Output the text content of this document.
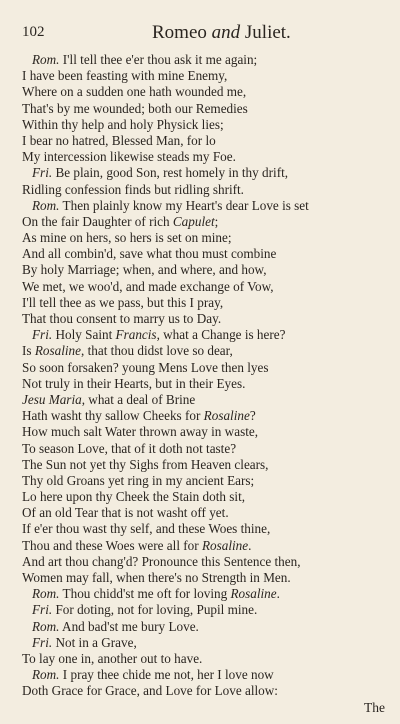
102	Romeo and Juliet.
Rom. I'll tell thee e'er thou ask it me again;
I have been feasting with mine Enemy,
Where on a sudden one hath wounded me,
That's by me wounded; both our Remedies
Within thy help and holy Physick lies;
I bear no hatred, Blessed Man, for lo
My intercession likewise steads my Foe.
Fri. Be plain, good Son, rest homely in thy drift,
Ridling confession finds but ridling shrift.
Rom. Then plainly know my Heart's dear Love is set
On the fair Daughter of rich Capulet;
As mine on hers, so hers is set on mine;
And all combin'd, save what thou must combine
By holy Marriage; when, and where, and how,
We met, we woo'd, and made exchange of Vow,
I'll tell thee as we pass, but this I pray,
That thou consent to marry us to Day.
Fri. Holy Saint Francis, what a Change is here?
Is Rosaline, that thou didst love so dear,
So soon forsaken? young Mens Love then lyes
Not truly in their Hearts, but in their Eyes.
Jesu Maria, what a deal of Brine
Hath washt thy sallow Cheeks for Rosaline?
How much salt Water thrown away in waste,
To season Love, that of it doth not taste?
The Sun not yet thy Sighs from Heaven clears,
Thy old Groans yet ring in my ancient Ears;
Lo here upon thy Cheek the Stain doth sit,
Of an old Tear that is not washt off yet.
If e'er thou wast thy self, and these Woes thine,
Thou and these Woes were all for Rosaline.
And art thou chang'd? Pronounce this Sentence then,
Women may fall, when there's no Strength in Men.
Rom. Thou chidd'st me oft for loving Rosaline.
Fri. For doting, not for loving, Pupil mine.
Rom. And bad'st me bury Love.
Fri. Not in a Grave,
To lay one in, another out to have.
Rom. I pray thee chide me not, her I love now
Doth Grace for Grace, and Love for Love allow:
The
